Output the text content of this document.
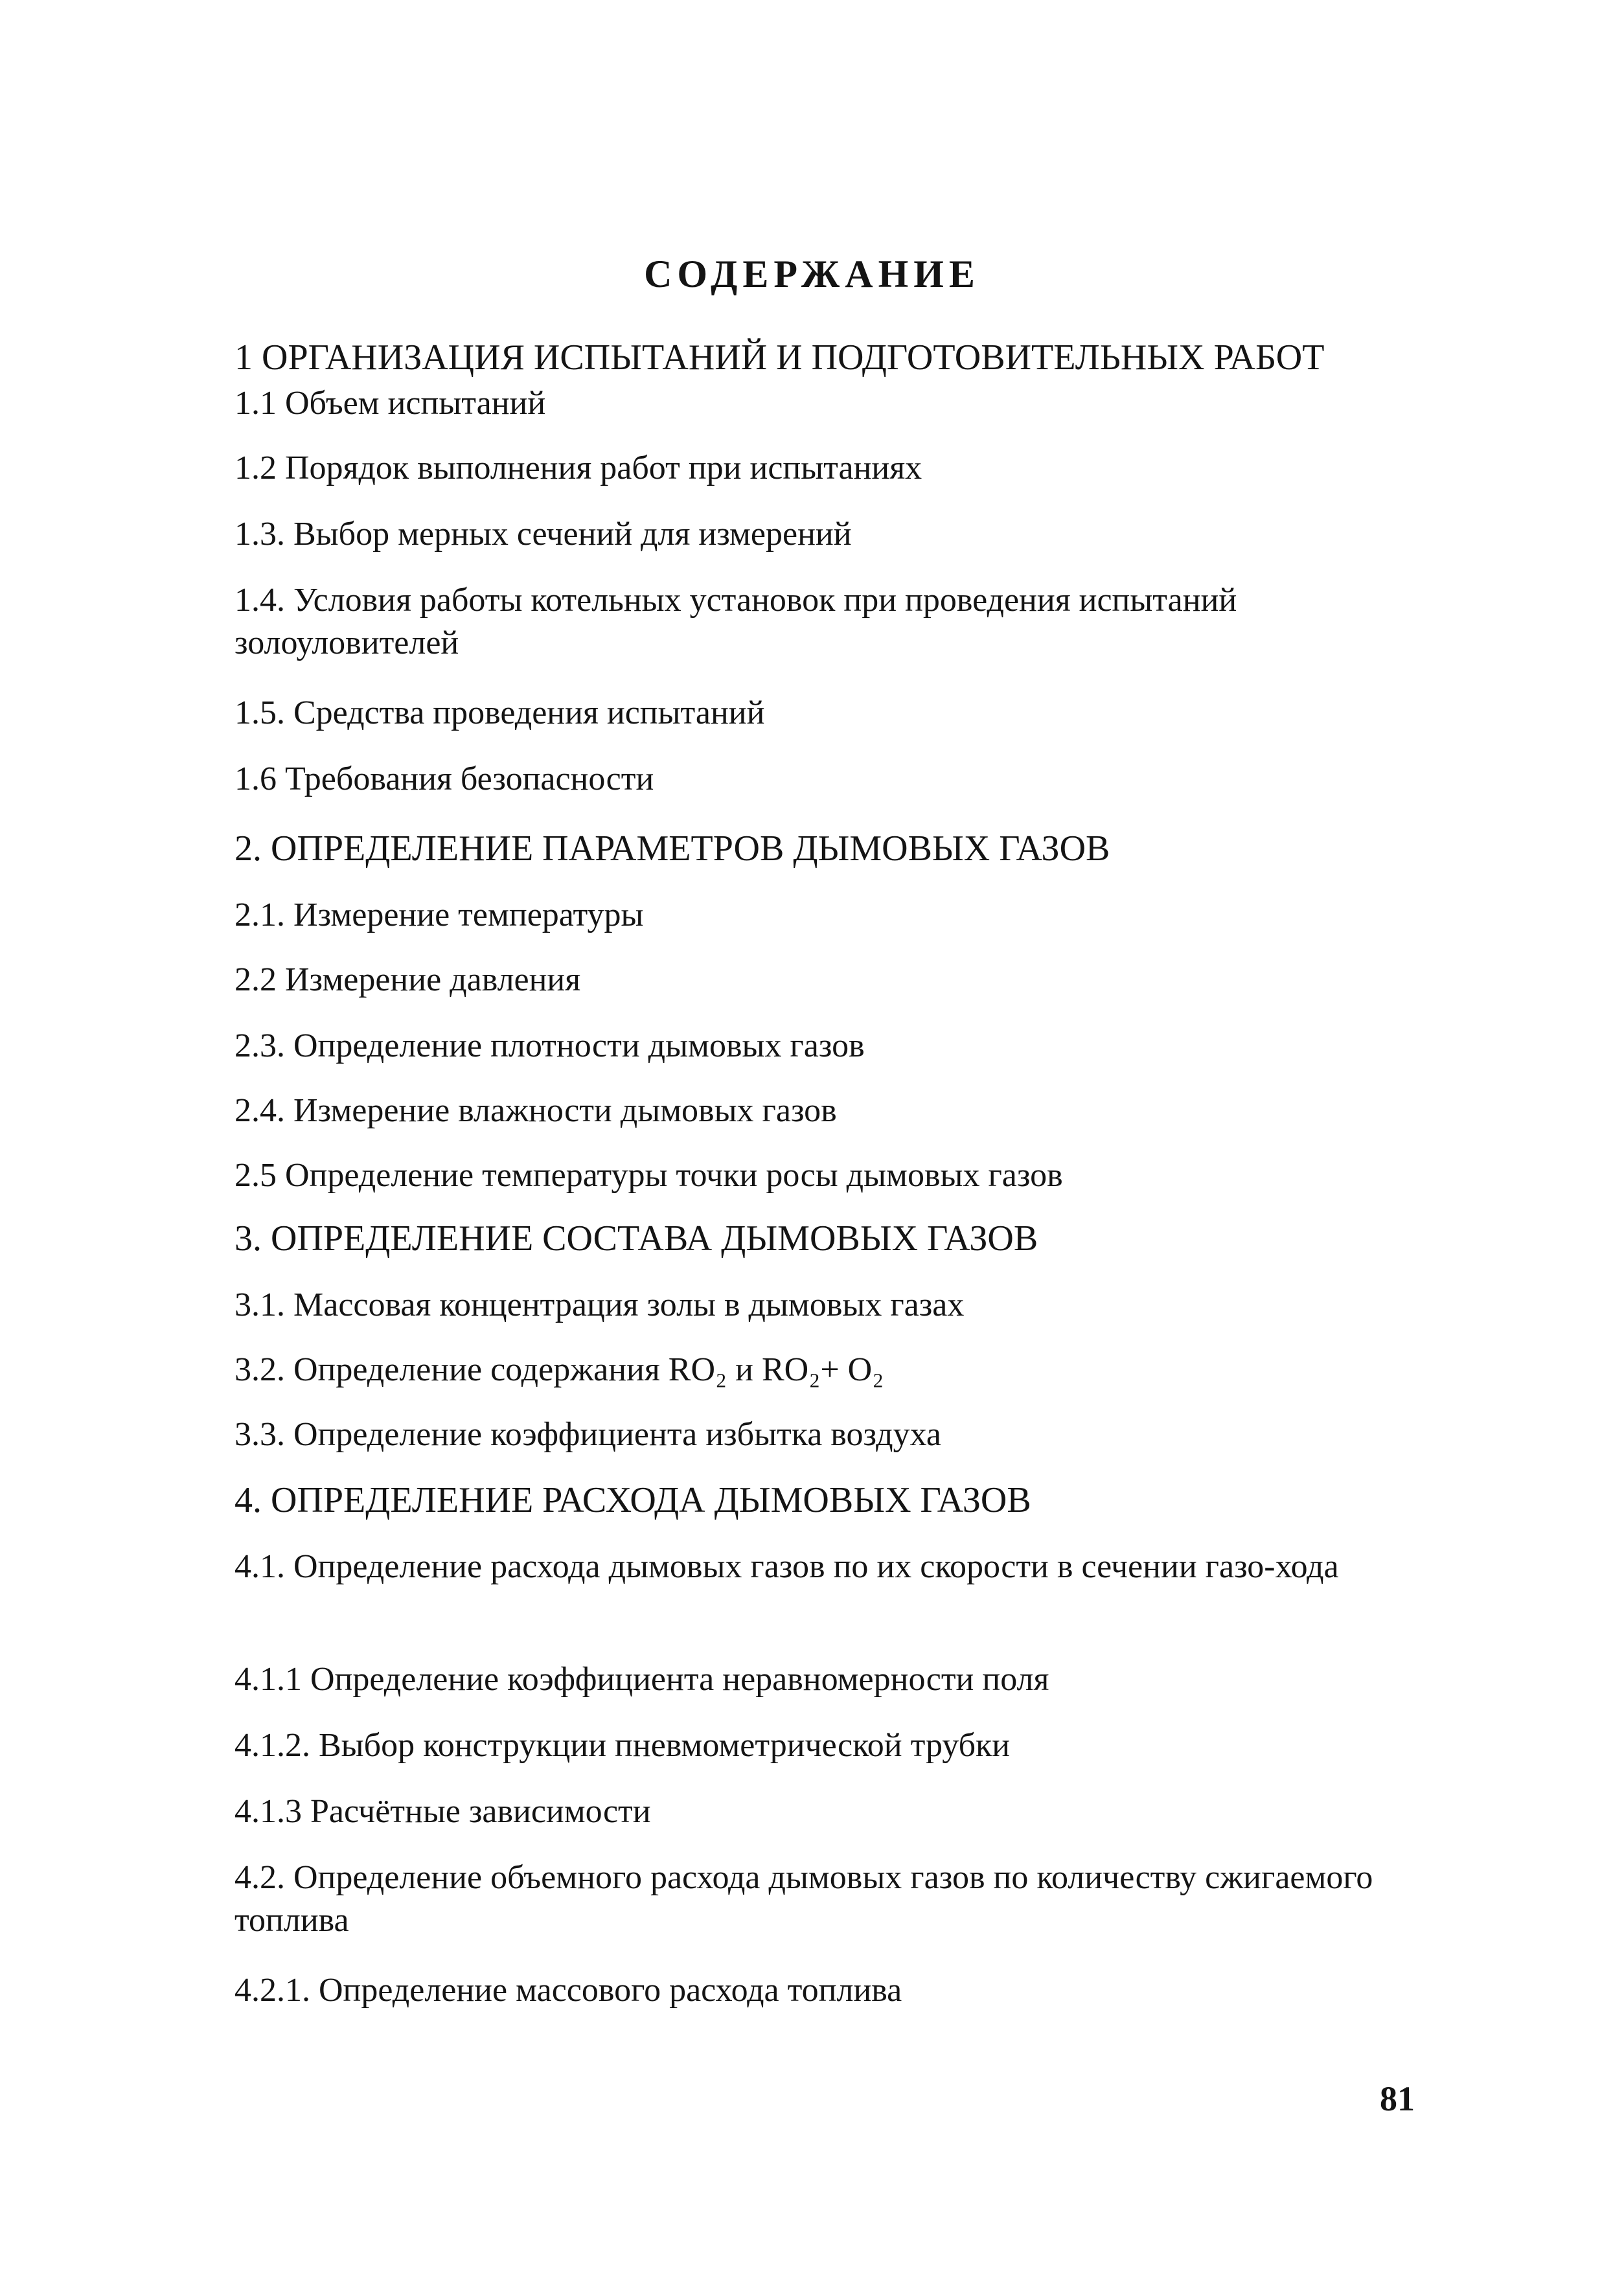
СОДЕРЖАНИЕ
1 ОРГАНИЗАЦИЯ ИСПЫТАНИЙ И ПОДГОТОВИТЕЛЬНЫХ РАБОТ
1.1 Объем испытаний
1.2 Порядок выполнения работ при испытаниях
1.3. Выбор мерных сечений для измерений
1.4. Условия работы котельных установок при проведения испытаний золоуловителей
1.5. Средства проведения испытаний
1.6 Требования безопасности
2. ОПРЕДЕЛЕНИЕ ПАРАМЕТРОВ ДЫМОВЫХ ГАЗОВ
2.1. Измерение температуры
2.2 Измерение давления
2.3. Определение плотности дымовых газов
2.4. Измерение влажности дымовых газов
2.5 Определение температуры точки росы дымовых газов
3. ОПРЕДЕЛЕНИЕ СОСТАВА ДЫМОВЫХ ГАЗОВ
3.1. Массовая концентрация золы в дымовых газах
3.2. Определение содержания RO₂ и RO₂+ O₂
3.3. Определение коэффициента избытка воздуха
4. ОПРЕДЕЛЕНИЕ РАСХОДА ДЫМОВЫХ ГАЗОВ
4.1. Определение расхода дымовых газов по их скорости в сечении газо-хода
4.1.1 Определение коэффициента неравномерности поля
4.1.2. Выбор конструкции пневмометрической трубки
4.1.3 Расчётные зависимости
4.2. Определение объемного расхода дымовых газов по количеству сжигаемого топлива
4.2.1. Определение массового расхода топлива
81
